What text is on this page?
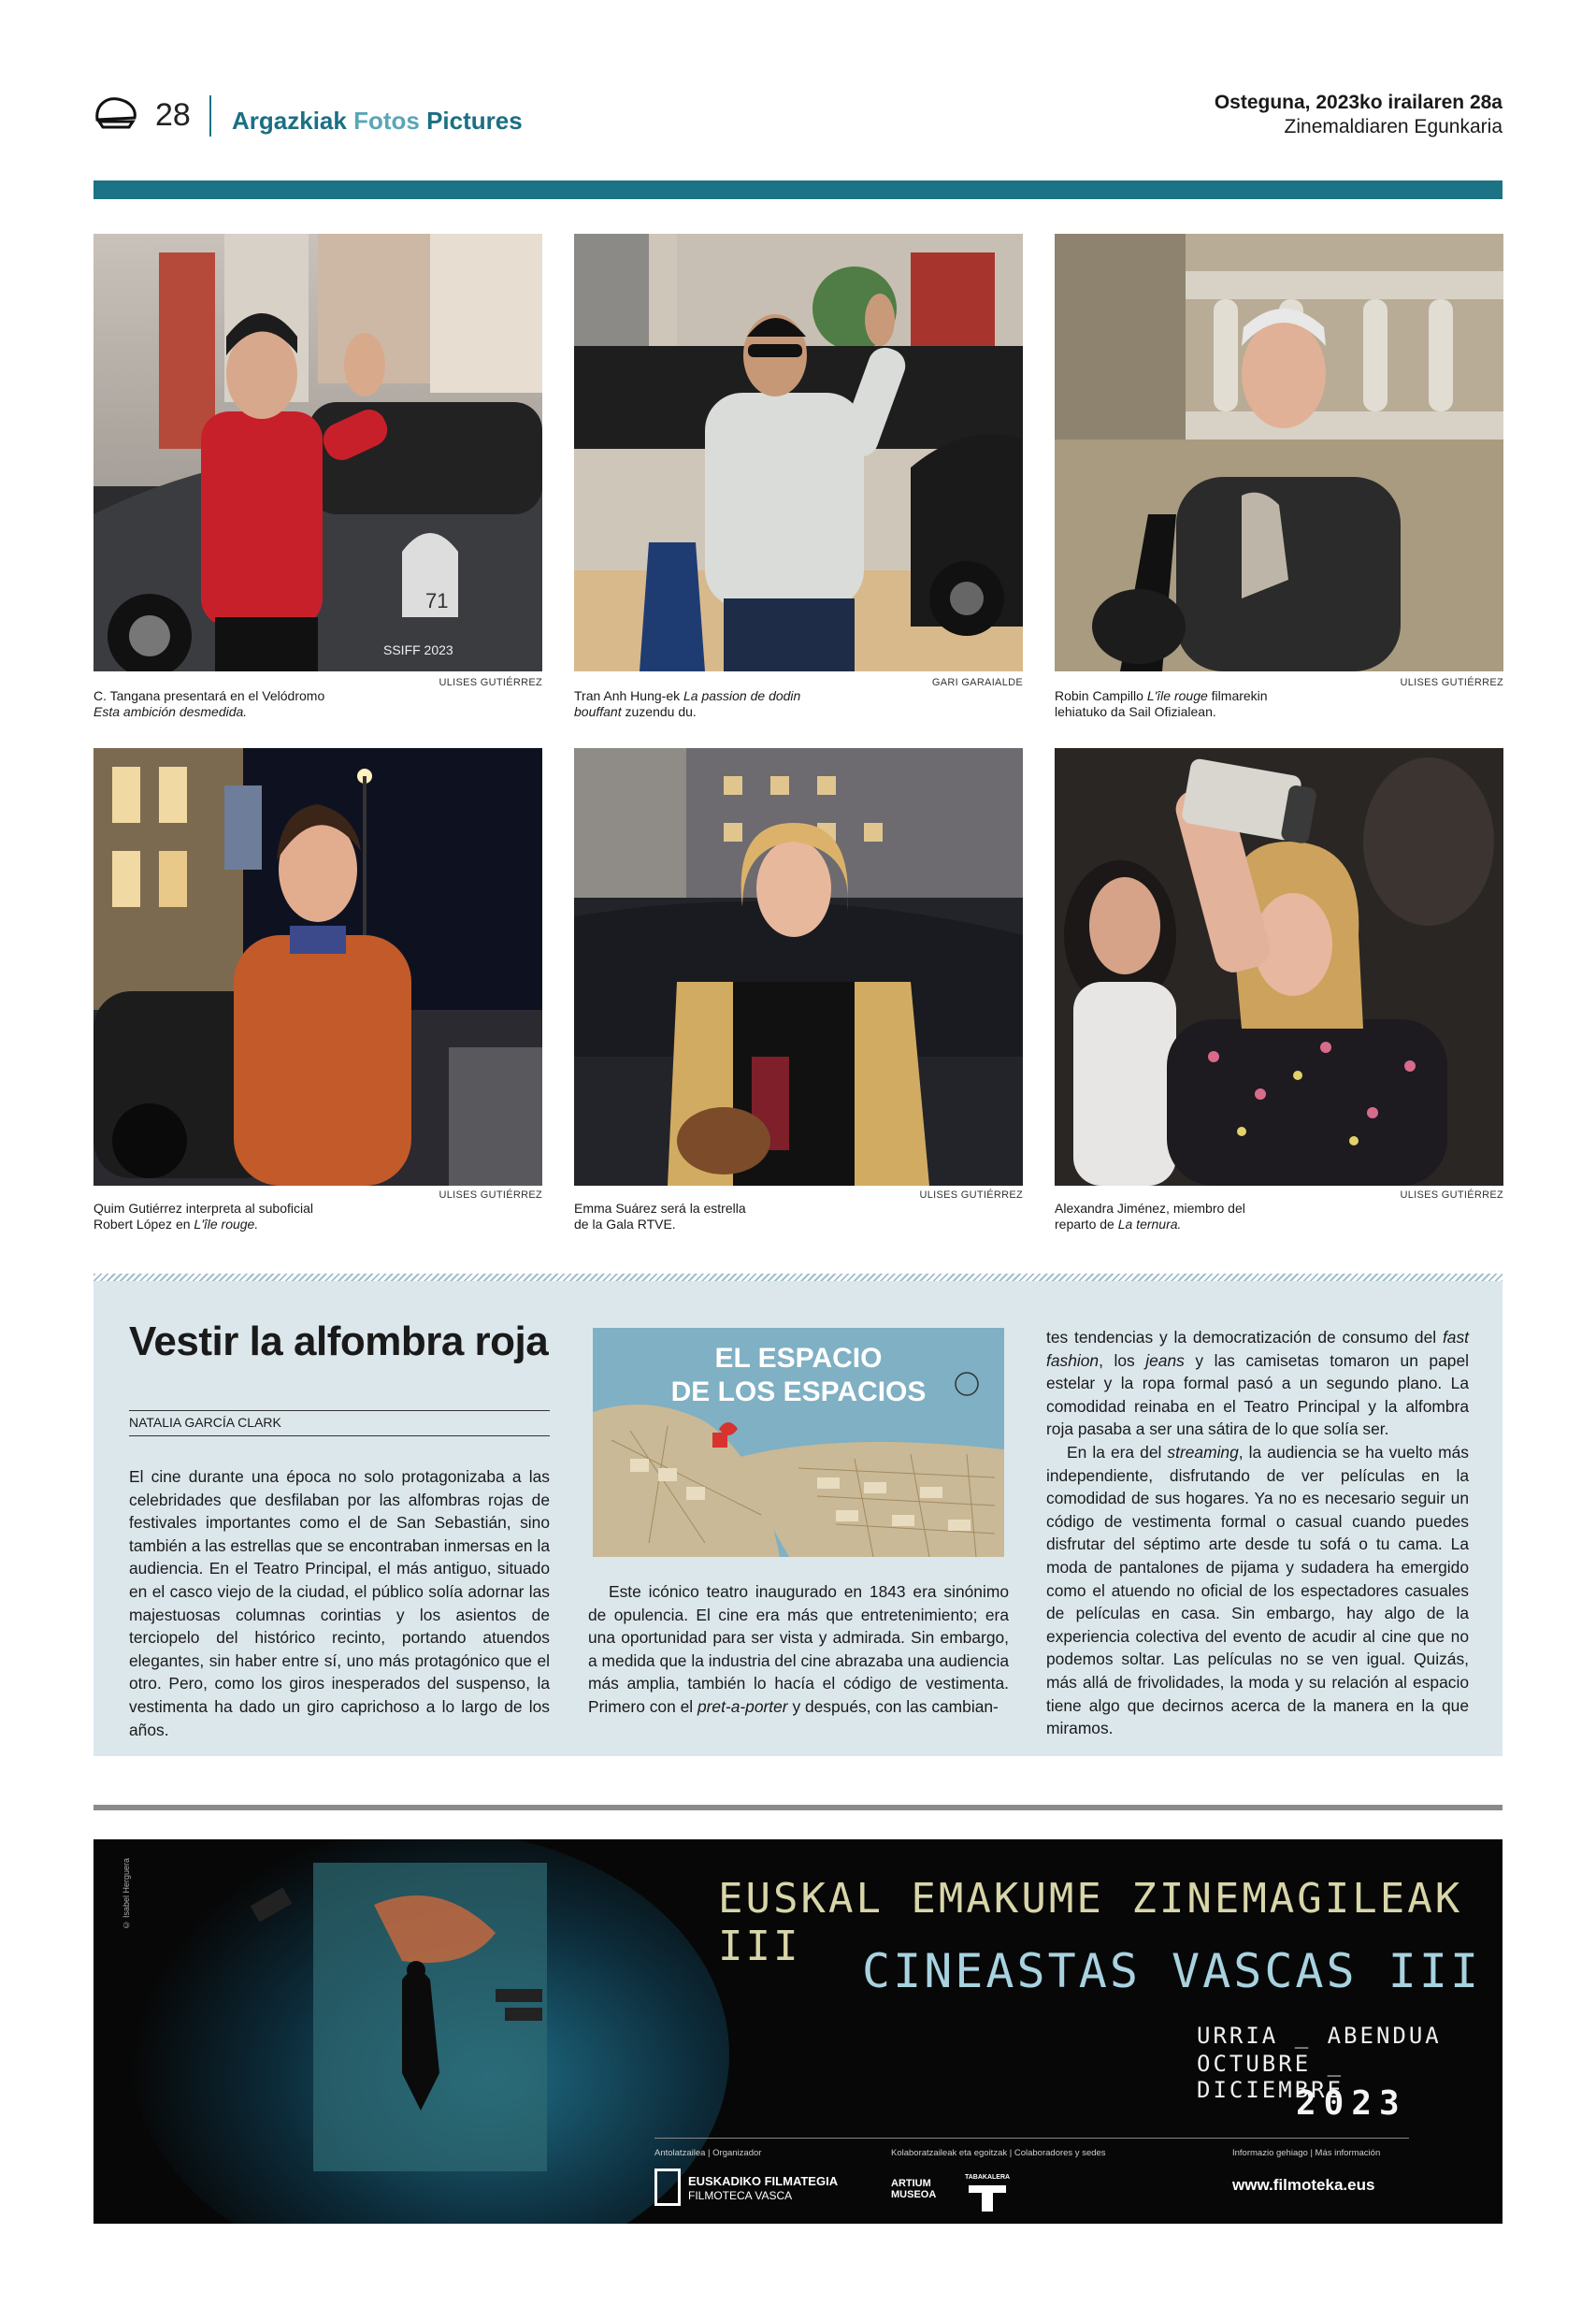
28 Argazkiak Fotos Pictures
Osteguna, 2023ko irailaren 28a
Zinemaldiaren Egunkaria
71
SSIFF 2023
ULISES GUTIÉRREZ
C. Tangana presentará en el Velódromo
Esta ambición desmedida.
GARI GARAIALDE
Tran Anh Hung-ek La passion de dodin
bouffant zuzendu du.
ULISES GUTIÉRREZ
Robin Campillo L'île rouge filmarekin
lehiatuko da Sail Ofizialean.
ULISES GUTIÉRREZ
Quim Gutiérrez interpreta al suboficial
Robert López en L'île rouge.
ULISES GUTIÉRREZ
Emma Suárez será la estrella
de la Gala RTVE.
ULISES GUTIÉRREZ
Alexandra Jiménez, miembro del
reparto de La ternura.
Vestir la alfombra roja
NATALIA GARCÍA CLARK

El cine durante una época no solo protagonizaba a las celebridades que desfilaban por las alfombras rojas de festivales importantes como el de San Sebastián, sino también a las estrellas que se encontraban inmersas en la audiencia. En el Teatro Principal, el más antiguo, situado en el casco viejo de la ciudad, el público solía adornar las majestuosas columnas corintias y los asientos de terciopelo del histórico recinto, portando atuendos elegantes, sin haber entre sí, uno más protagónico que el otro. Pero, como los giros inesperados del suspenso, la vestimenta ha dado un giro caprichoso a lo largo de los años.

EL ESPACIO
DE LOS ESPACIOS

Este icónico teatro inaugurado en 1843 era sinónimo de opulencia. El cine era más que entretenimiento; era una oportunidad para ser vista y admirada. Sin embargo, a medida que la industria del cine abrazaba una audiencia más amplia, también lo hacía el código de vestimenta. Primero con el pret-a-porter y después, con las cambian-

tes tendencias y la democratización de consumo del fast fashion, los jeans y las camisetas tomaron un papel estelar y la ropa formal pasó a un segundo plano. La comodidad reinaba en el Teatro Principal y la alfombra roja pasaba a ser una sátira de lo que solía ser.

En la era del streaming, la audiencia se ha vuelto más independiente, disfrutando de ver películas en la comodidad de sus hogares. Ya no es necesario seguir un código de vestimenta formal o casual cuando puedes disfrutar del séptimo arte desde tu sofá o tu cama. La moda de pantalones de pijama y sudadera ha emergido como el atuendo no oficial de los espectadores casuales de películas en casa. Sin embargo, hay algo de la experiencia colectiva del evento de acudir al cine que no podemos soltar. Las películas no se ven igual. Quizás, más allá de frivolidades, la moda y su relación al espacio tiene algo que decirnos acerca de la manera en la que miramos.

© Isabel Herguera	EUSKAL EMAKUME ZINEMAGILEAK III	CINEASTAS VASCAS III
URRIA _ ABENDUA
OCTUBRE _ DICIEMBRE
2023
Antolatzailea | Organizador
EUSKADIKO FILMATEGIA
FILMOTECA VASCA
Kolaboratzaileak eta egoitzak | Colaboradores y sedes
ARTIUM
MUSEOA
TABAKALERA
Informazio gehiago | Más información
www.filmoteka.eus
